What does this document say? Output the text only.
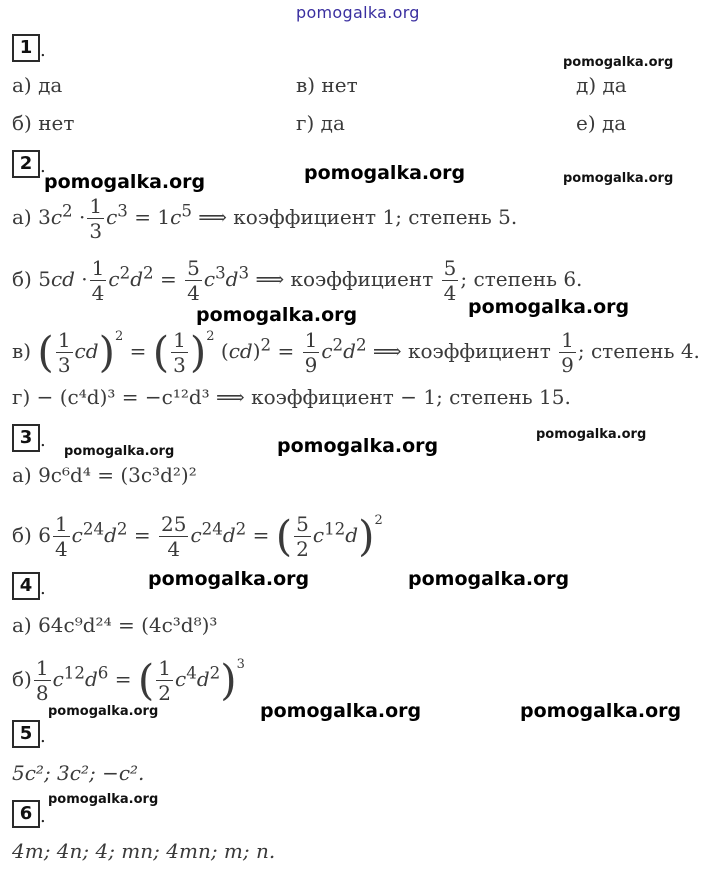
pomogalka.org
1 .
pomogalka.org
а) да	в) нет	д) да
б) нет	г) да	е) да
2 .
pomogalka.org	pomogalka.org	pomogalka.org
а) $3c^2 \cdot \frac{1}{3} c^3 = 1c^5$ ⟹ коэффициент 1; степень 5.
б) $5cd \cdot \frac{1}{4} c^2d^2 = \frac{5}{4} c^3d^3$ ⟹ коэффициент $\frac{5}{4}$ ; степень 6.
pomogalka.org
pomogalka.org
в) ( $\frac{1}{3} cd)^2$ = ( $\frac{1}{3} )^2$ $(cd)^2 = \frac{1}{9} c^2d^2$ ⟹ коэффициент $\frac{1}{9}$ ; степень 4.
г) − (c⁴d)³ = −c¹²d³ ⟹ коэффициент − 1; степень 15.
3 .
pomogalka.org	pomogalka.org
pomogalka.org
а) 9c⁶d⁴ = (3c³d²)²
б) $6 \frac{1}{4} c^{24}d^2 = \frac{25}{4} c^{24}d^2$ = ( $\frac{5}{2} c^{12}d)^2$
4 .	pomogalka.org	pomogalka.org
а) 64c⁹d²⁴ = (4c³d⁸)³
$б) \frac{1}{8} c^{12}d^6$ = ( $\frac{1}{2} c^4d^2)^3$
pomogalka.org	pomogalka.org	pomogalka.org
5 .
5c²; 3c²; −c².
pomogalka.org
6 .
4m; 4n; 4; mn; 4mn; m; n.
